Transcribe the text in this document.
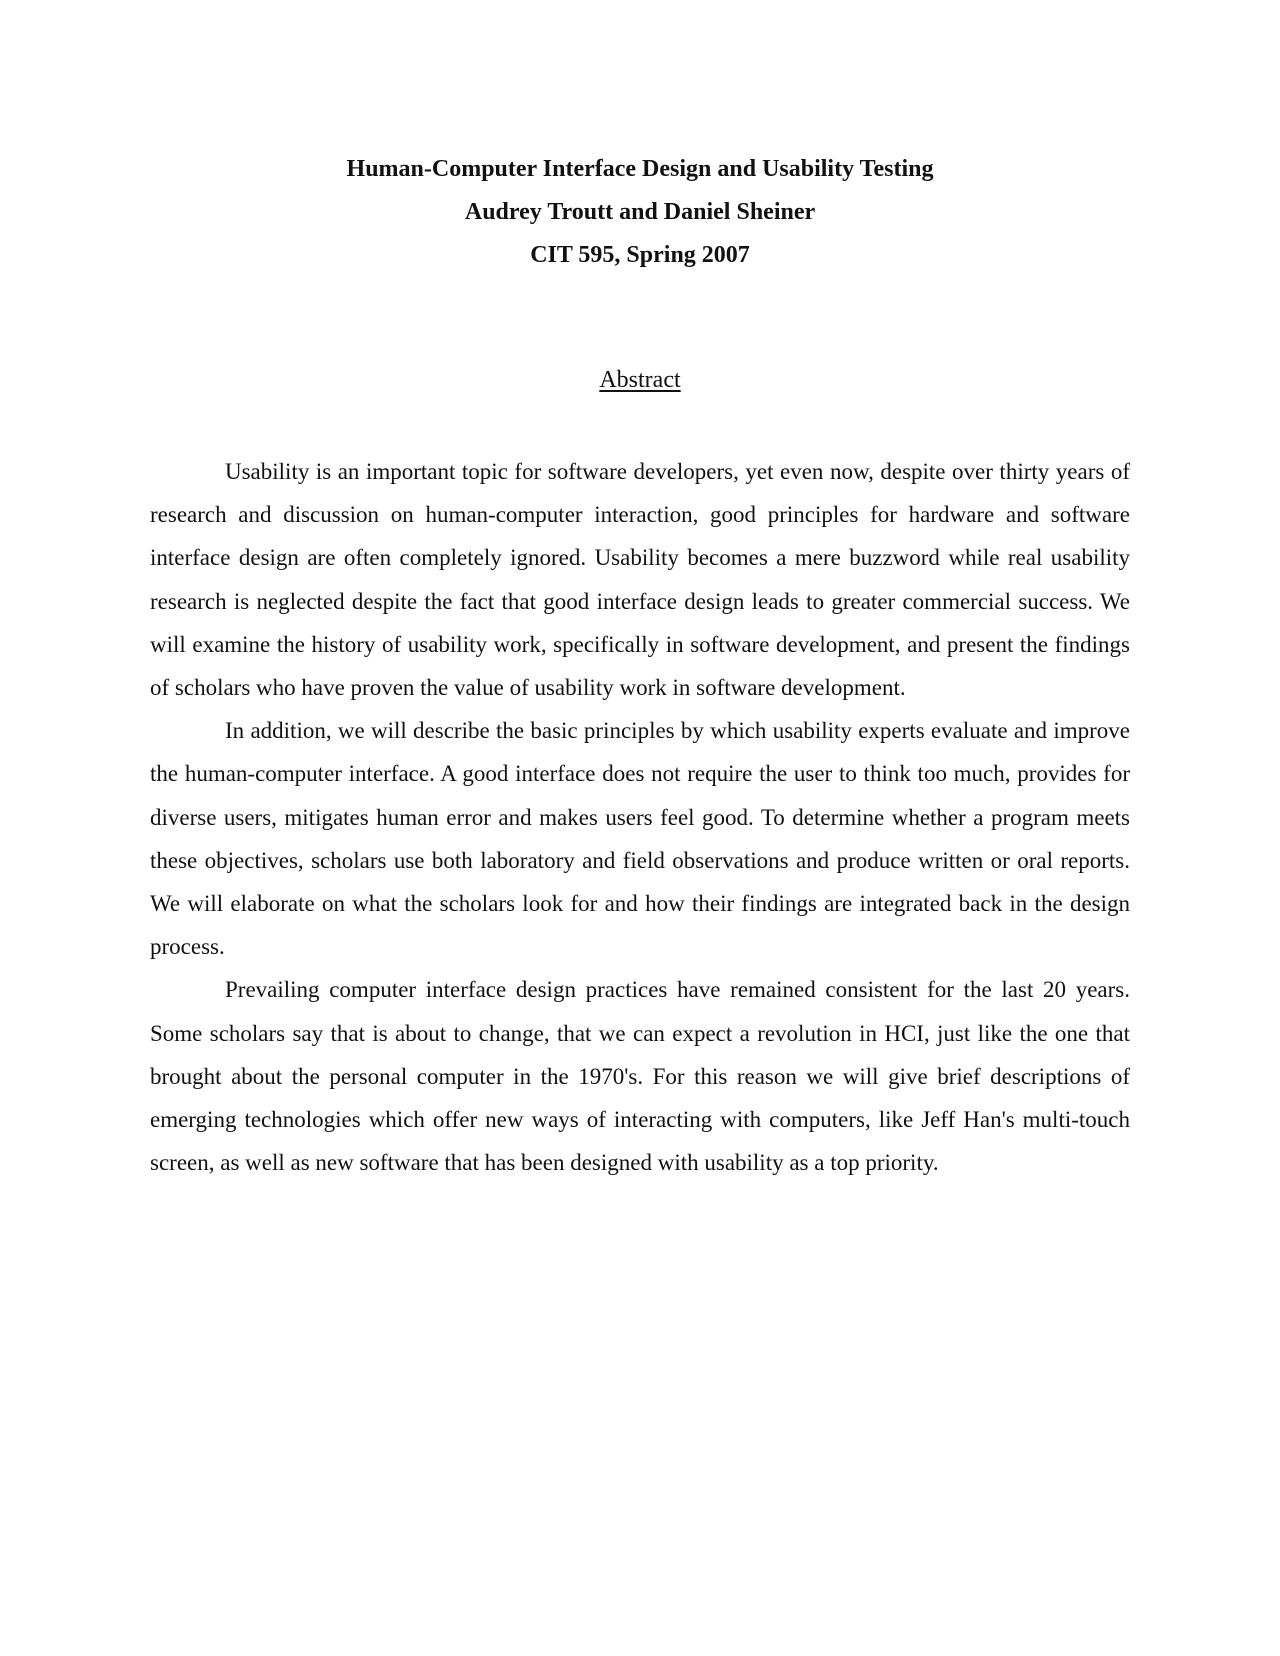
Human-Computer Interface Design and Usability Testing

Audrey Troutt and Daniel Sheiner

CIT 595, Spring 2007

Abstract

Usability is an important topic for software developers, yet even now, despite over thirty years of research and discussion on human-computer interaction, good principles for hardware and software interface design are often completely ignored. Usability becomes a mere buzzword while real usability research is neglected despite the fact that good interface design leads to greater commercial success. We will examine the history of usability work, specifically in software development, and present the findings of scholars who have proven the value of usability work in software development.

In addition, we will describe the basic principles by which usability experts evaluate and improve the human-computer interface. A good interface does not require the user to think too much, provides for diverse users, mitigates human error and makes users feel good. To determine whether a program meets these objectives, scholars use both laboratory and field observations and produce written or oral reports. We will elaborate on what the scholars look for and how their findings are integrated back in the design process.

Prevailing computer interface design practices have remained consistent for the last 20 years. Some scholars say that is about to change, that we can expect a revolution in HCI, just like the one that brought about the personal computer in the 1970's. For this reason we will give brief descriptions of emerging technologies which offer new ways of interacting with computers, like Jeff Han's multi-touch screen, as well as new software that has been designed with usability as a top priority.
